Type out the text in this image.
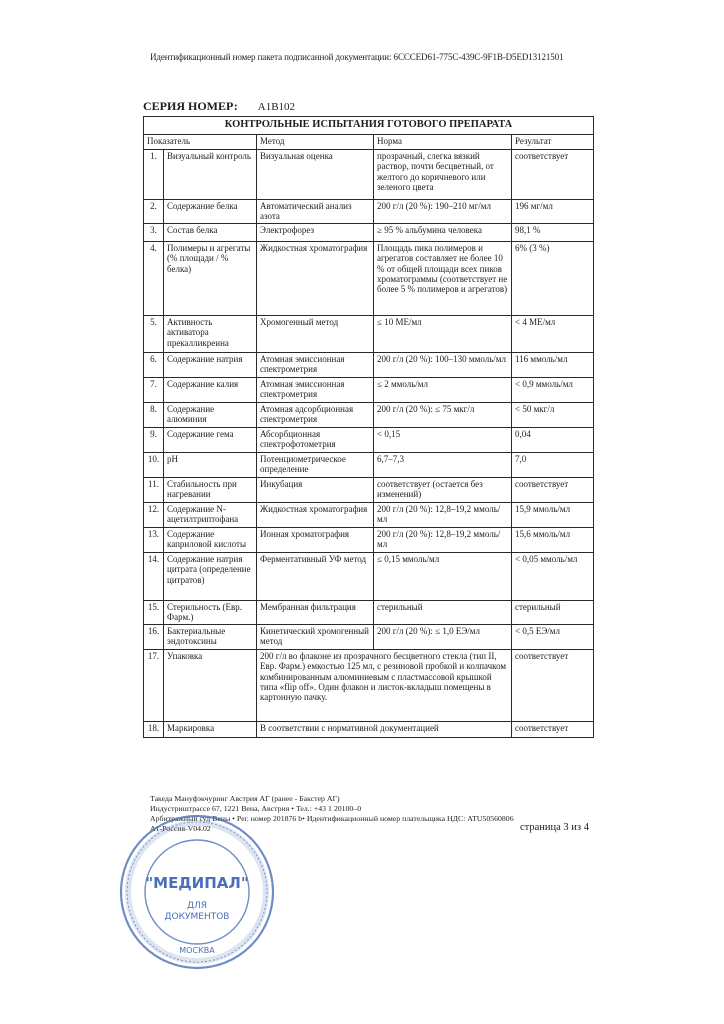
Идентификационный номер пакета подписанной документации: 6CCCED61-775C-439C-9F1B-D5ED13121501
СЕРИЯ НОМЕР: A1B102
КОНТРОЛЬНЫЕ ИСПЫТАНИЯ ГОТОВОГО ПРЕПАРАТА				
Показатель		Метод	Норма	Результат
1.	Визуальный контроль	Визуальная оценка	прозрачный, слегка вязкий раствор, почти бесцветный, от желтого до коричневого или зеленого цвета	соответствует
2.	Содержание белка	Автоматический анализ азота	200 г/л (20 %): 190–210 мг/мл	196 мг/мл
3.	Состав белка	Электрофорез	≥ 95 % альбумина человека	98,1 %
4.	Полимеры и агрегаты (% площади / % белка)	Жидкостная хроматография	Площадь пика полимеров и агрегатов составляет не более 10 % от общей площади всех пиков хроматограммы (соответствует не более 5 % полимеров и агрегатов)	6% (3 %)
5.	Активность активатора прекалликреина	Хромогенный метод	≤ 10 МЕ/мл	< 4 МЕ/мл
6.	Содержание натрия	Атомная эмиссионная спектрометрия	200 г/л (20 %): 100–130 ммоль/мл	116 ммоль/мл
7.	Содержание калия	Атомная эмиссионная спектрометрия	≤ 2 ммоль/мл	< 0,9 ммоль/мл
8.	Содержание алюминия	Атомная адсорбционная спектрометрия	200 г/л (20 %): ≤ 75 мкг/л	< 50 мкг/л
9.	Содержание гема	Абсорбционная спектрофотометрия	< 0,15	0,04
10.	pH	Потенциометрическое определение	6,7–7,3	7,0
11.	Стабильность при нагревании	Инкубация	соответствует (остается без изменений)	соответствует
12.	Содержание N-ацетилтриптофана	Жидкостная хроматография	200 г/л (20 %): 12,8–19,2 ммоль/мл	15,9 ммоль/мл
13.	Содержание каприловой кислоты	Ионная хроматография	200 г/л (20 %): 12,8–19,2 ммоль/мл	15,6 ммоль/мл
14.	Содержание натрия цитрата (определение цитратов)	Ферментативный УФ метод	≤ 0,15 ммоль/мл	< 0,05 ммоль/мл
15.	Стерильность (Евр. Фарм.)	Мембранная фильтрация	стерильный	стерильный
16.	Бактериальные эндотоксины	Кинетический хромогенный метод	200 г/л (20 %): ≤ 1,0 ЕЭ/мл	< 0,5 ЕЭ/мл
17.	Упаковка	200 г/л во флаконе из прозрачного бесцветного стекла (тип II, Евр. Фарм.) емкостью 125 мл, с резиновой пробкой и колпачком комбинированным алюминиевым с пластмассовой крышкой типа «flip off». Один флакон и листок-вкладыш помещены в картонную пачку.		соответствует
18.	Маркировка	В соответствии с нормативной документацией		соответствует
Такеда Мануфэкчуринг Австрия АГ (ранее - Бакстер АГ)
Индустриштрассе 67, 1221 Вена, Австрия • Тел.: +43 1 20100–0
Арбитражный суд Вены • Рег. номер 201876 b• Идентификационный номер плательщика НДС: ATU50560806
A1-Россия-V04.02	страница 3 из 4
"МЕДИПАЛ"
ДЛЯ
ДОКУМЕНТОВ
МОСКВА
